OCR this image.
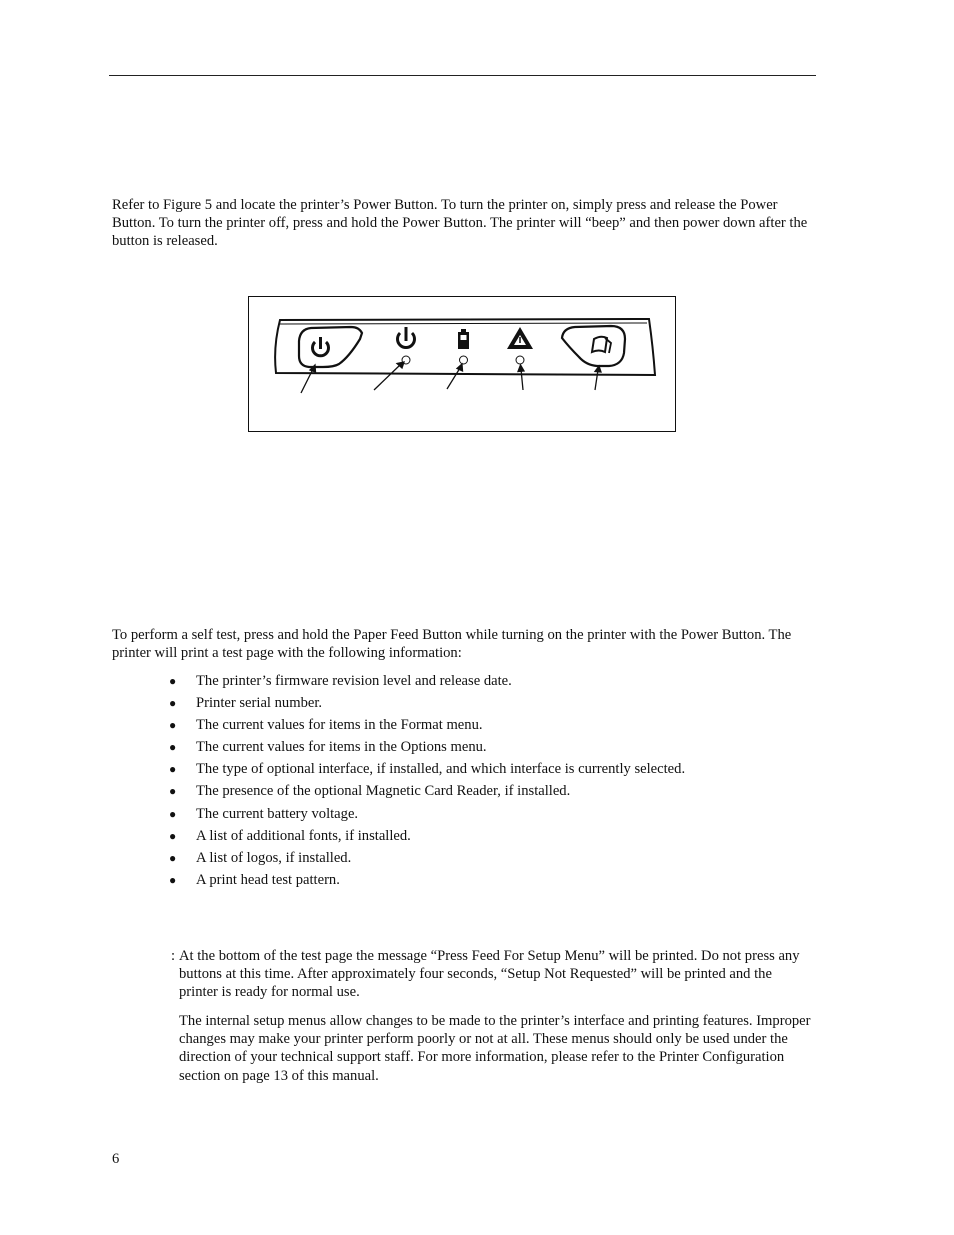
Refer to Figure 5 and locate the printer’s Power Button. To turn the printer on, simply press and release the Power Button. To turn the printer off, press and hold the Power Button. The printer will “beep” and then power down after the button is released.

To perform a self test, press and hold the Paper Feed Button while turning on the printer with the Power Button. The printer will print a test page with the following information:

● The printer’s firmware revision level and release date.
● Printer serial number.
● The current values for items in the Format menu.
● The current values for items in the Options menu.
● The type of optional interface, if installed, and which interface is currently selected.
● The presence of the optional Magnetic Card Reader, if installed.
● The current battery voltage.
● A list of additional fonts, if installed.
● A list of logos, if installed.
● A print head test pattern.
: At the bottom of the test page the message “Press Feed For Setup Menu” will be printed. Do not press any buttons at this time. After approximately four seconds, “Setup Not Requested” will be printed and the printer is ready for normal use.

The internal setup menus allow changes to be made to the printer’s interface and printing features. Improper changes may make your printer perform poorly or not at all. These menus should only be used under the direction of your technical support staff. For more information, please refer to the Printer Configuration section on page 13 of this manual.

6
